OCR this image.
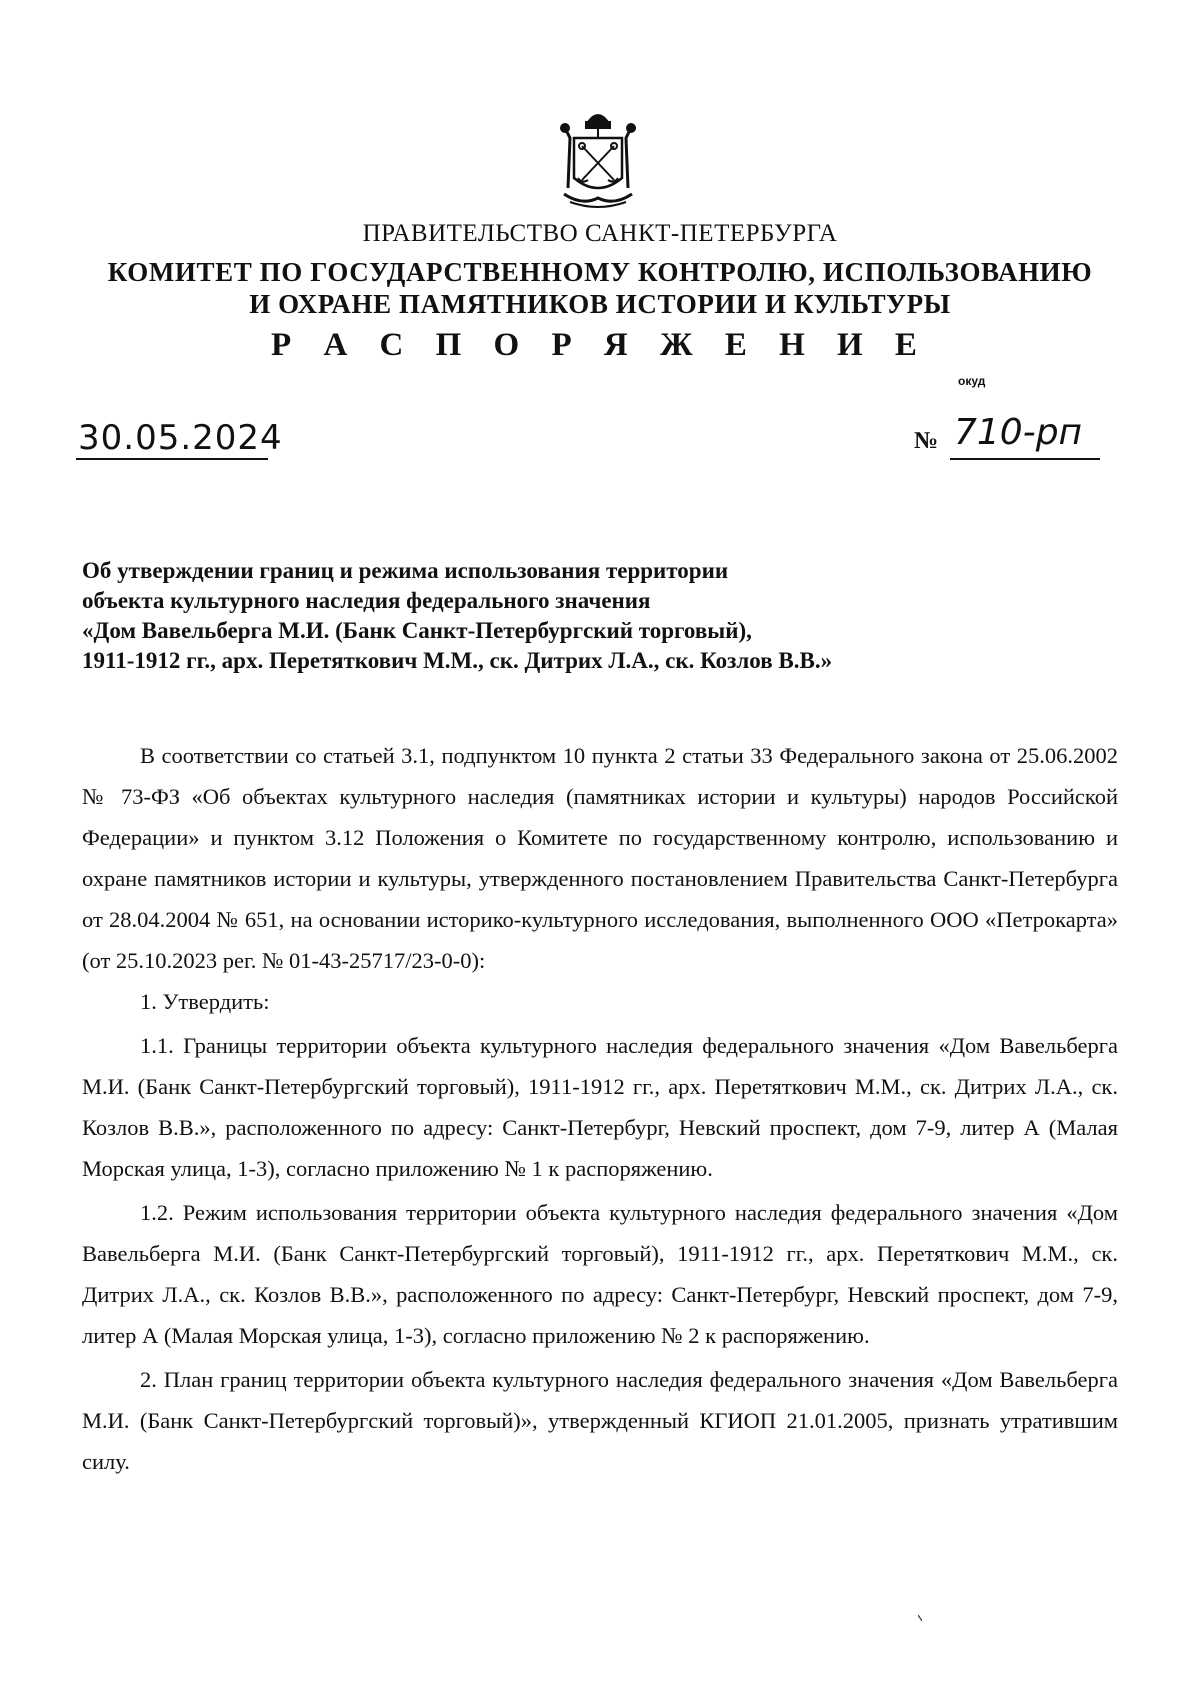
ПРАВИТЕЛЬСТВО САНКТ-ПЕТЕРБУРГА
КОМИТЕТ ПО ГОСУДАРСТВЕННОМУ КОНТРОЛЮ, ИСПОЛЬЗОВАНИЮ
И ОХРАНЕ ПАМЯТНИКОВ ИСТОРИИ И КУЛЬТУРЫ
Р А С П О Р Я Ж Е Н И Е
окуд
30.05.2024	№ 710-рп
Об утверждении границ и режима использования территории
объекта культурного наследия федерального значения
«Дом Вавельберга М.И. (Банк Санкт-Петербургский торговый),
1911-1912 гг., арх. Перетяткович М.М., ск. Дитрих Л.А., ск. Козлов В.В.»

В соответствии со статьей 3.1, подпунктом 10 пункта 2 статьи 33 Федерального закона от 25.06.2002 № 73-ФЗ «Об объектах культурного наследия (памятниках истории и культуры) народов Российской Федерации» и пунктом 3.12 Положения о Комитете по государственному контролю, использованию и охране памятников истории и культуры, утвержденного постановлением Правительства Санкт-Петербурга от 28.04.2004 № 651, на основании историко-культурного исследования, выполненного ООО «Петрокарта» (от 25.10.2023 рег. № 01-43-25717/23-0-0):

1. Утвердить:

1.1. Границы территории объекта культурного наследия федерального значения «Дом Вавельберга М.И. (Банк Санкт-Петербургский торговый), 1911-1912 гг., арх. Перетяткович М.М., ск. Дитрих Л.А., ск. Козлов В.В.», расположенного по адресу: Санкт-Петербург, Невский проспект, дом 7-9, литер А (Малая Морская улица, 1-3), согласно приложению № 1 к распоряжению.

1.2. Режим использования территории объекта культурного наследия федерального значения «Дом Вавельберга М.И. (Банк Санкт-Петербургский торговый), 1911-1912 гг., арх. Перетяткович М.М., ск. Дитрих Л.А., ск. Козлов В.В.», расположенного по адресу: Санкт-Петербург, Невский проспект, дом 7-9, литер А (Малая Морская улица, 1-3), согласно приложению № 2 к распоряжению.

2. План границ территории объекта культурного наследия федерального значения «Дом Вавельберга М.И. (Банк Санкт-Петербургский торговый)», утвержденный КГИОП 21.01.2005, признать утратившим силу.
